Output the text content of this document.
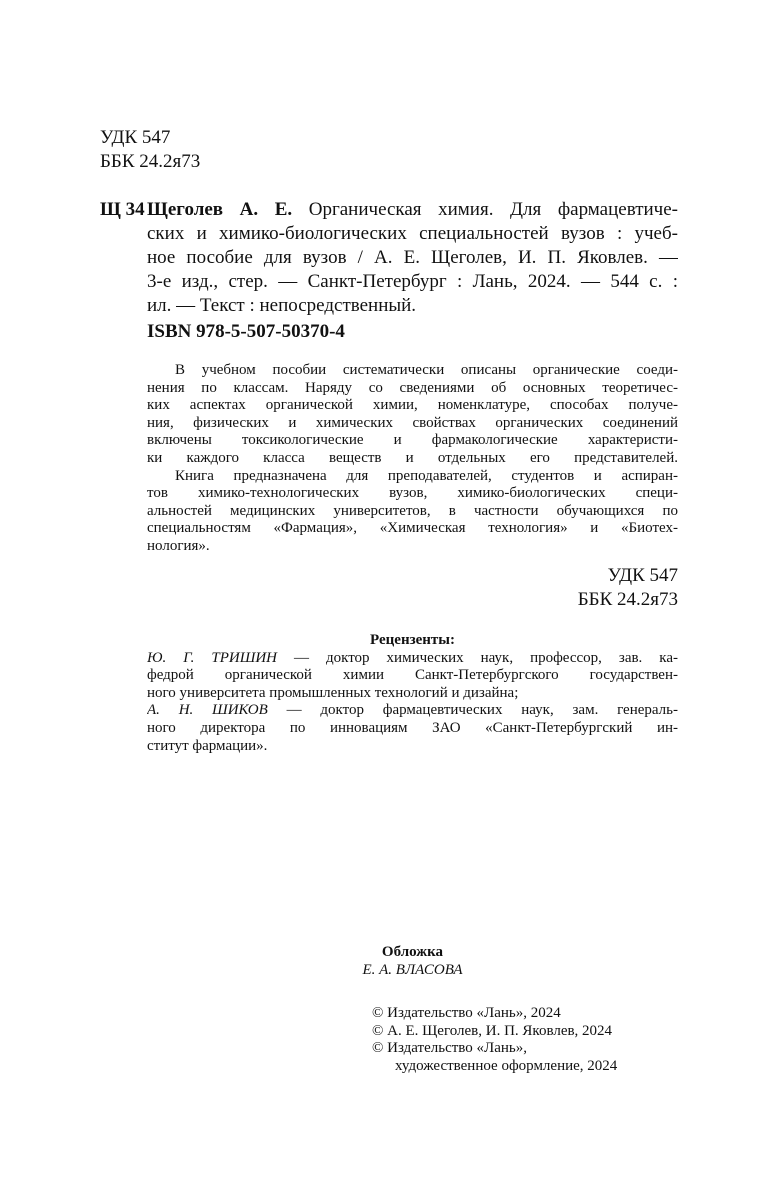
УДК 547
ББК 24.2я73
Щ 34 Щеголев А. Е. Органическая химия. Для фармацевтиче-
ских и химико-биологических специальностей вузов : учеб-
ное пособие для вузов / А. Е. Щеголев, И. П. Яковлев. —
3-е изд., стер. — Санкт-Петербург : Лань, 2024. — 544 с. :
ил. — Текст : непосредственный.
ISBN 978-5-507-50370-4
В учебном пособии систематически описаны органические соеди-
нения по классам. Наряду со сведениями об основных теоретичес-
ких аспектах органической химии, номенклатуре, способах получе-
ния, физических и химических свойствах органических соединений
включены токсикологические и фармакологические характеристи-
ки каждого класса веществ и отдельных его представителей.
Книга предназначена для преподавателей, студентов и аспиран-
тов химико-технологических вузов, химико-биологических специ-
альностей медицинских университетов, в частности обучающихся по
специальностям «Фармация», «Химическая технология» и «Биотех-
нология».
УДК 547
ББК 24.2я73
Рецензенты:
Ю. Г. ТРИШИН — доктор химических наук, профессор, зав. ка-
федрой органической химии Санкт-Петербургского государствен-
ного университета промышленных технологий и дизайна;
А. Н. ШИКОВ — доктор фармацевтических наук, зам. генераль-
ного директора по инновациям ЗАО «Санкт-Петербургский ин-
ститут фармации».
Обложка
Е. А. ВЛАСОВА
© Издательство «Лань», 2024
© А. Е. Щеголев, И. П. Яковлев, 2024
© Издательство «Лань»,
художественное оформление, 2024
